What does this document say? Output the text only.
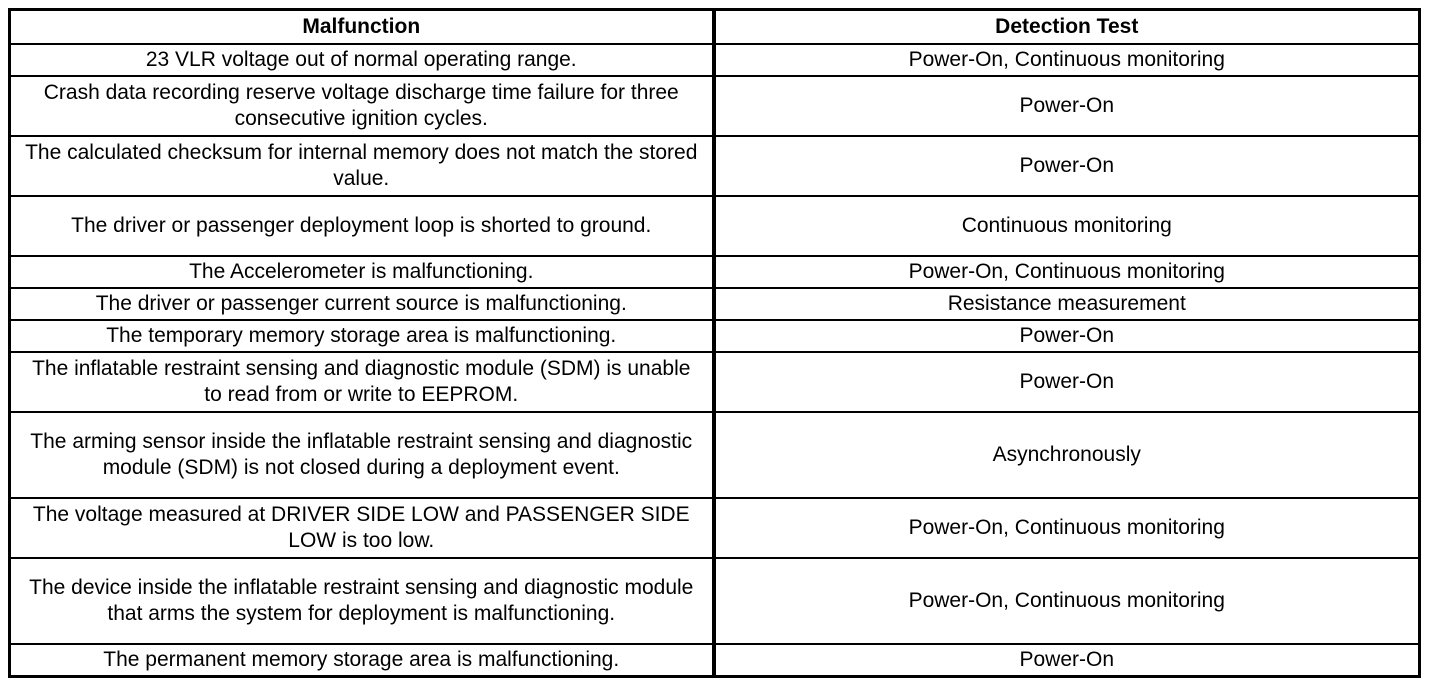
Malfunction	Detection Test
23 VLR voltage out of normal operating range.	Power-On, Continuous monitoring
Crash data recording reserve voltage discharge time failure for three consecutive ignition cycles.	Power-On
The calculated checksum for internal memory does not match the stored value.	Power-On
The driver or passenger deployment loop is shorted to ground.	Continuous monitoring
The Accelerometer is malfunctioning.	Power-On, Continuous monitoring
The driver or passenger current source is malfunctioning.	Resistance measurement
The temporary memory storage area is malfunctioning.	Power-On
The inflatable restraint sensing and diagnostic module (SDM) is unable to read from or write to EEPROM.	Power-On
The arming sensor inside the inflatable restraint sensing and diagnostic module (SDM) is not closed during a deployment event.	Asynchronously
The voltage measured at DRIVER SIDE LOW and PASSENGER SIDE LOW is too low.	Power-On, Continuous monitoring
The device inside the inflatable restraint sensing and diagnostic module that arms the system for deployment is malfunctioning.	Power-On, Continuous monitoring
The permanent memory storage area is malfunctioning.	Power-On
